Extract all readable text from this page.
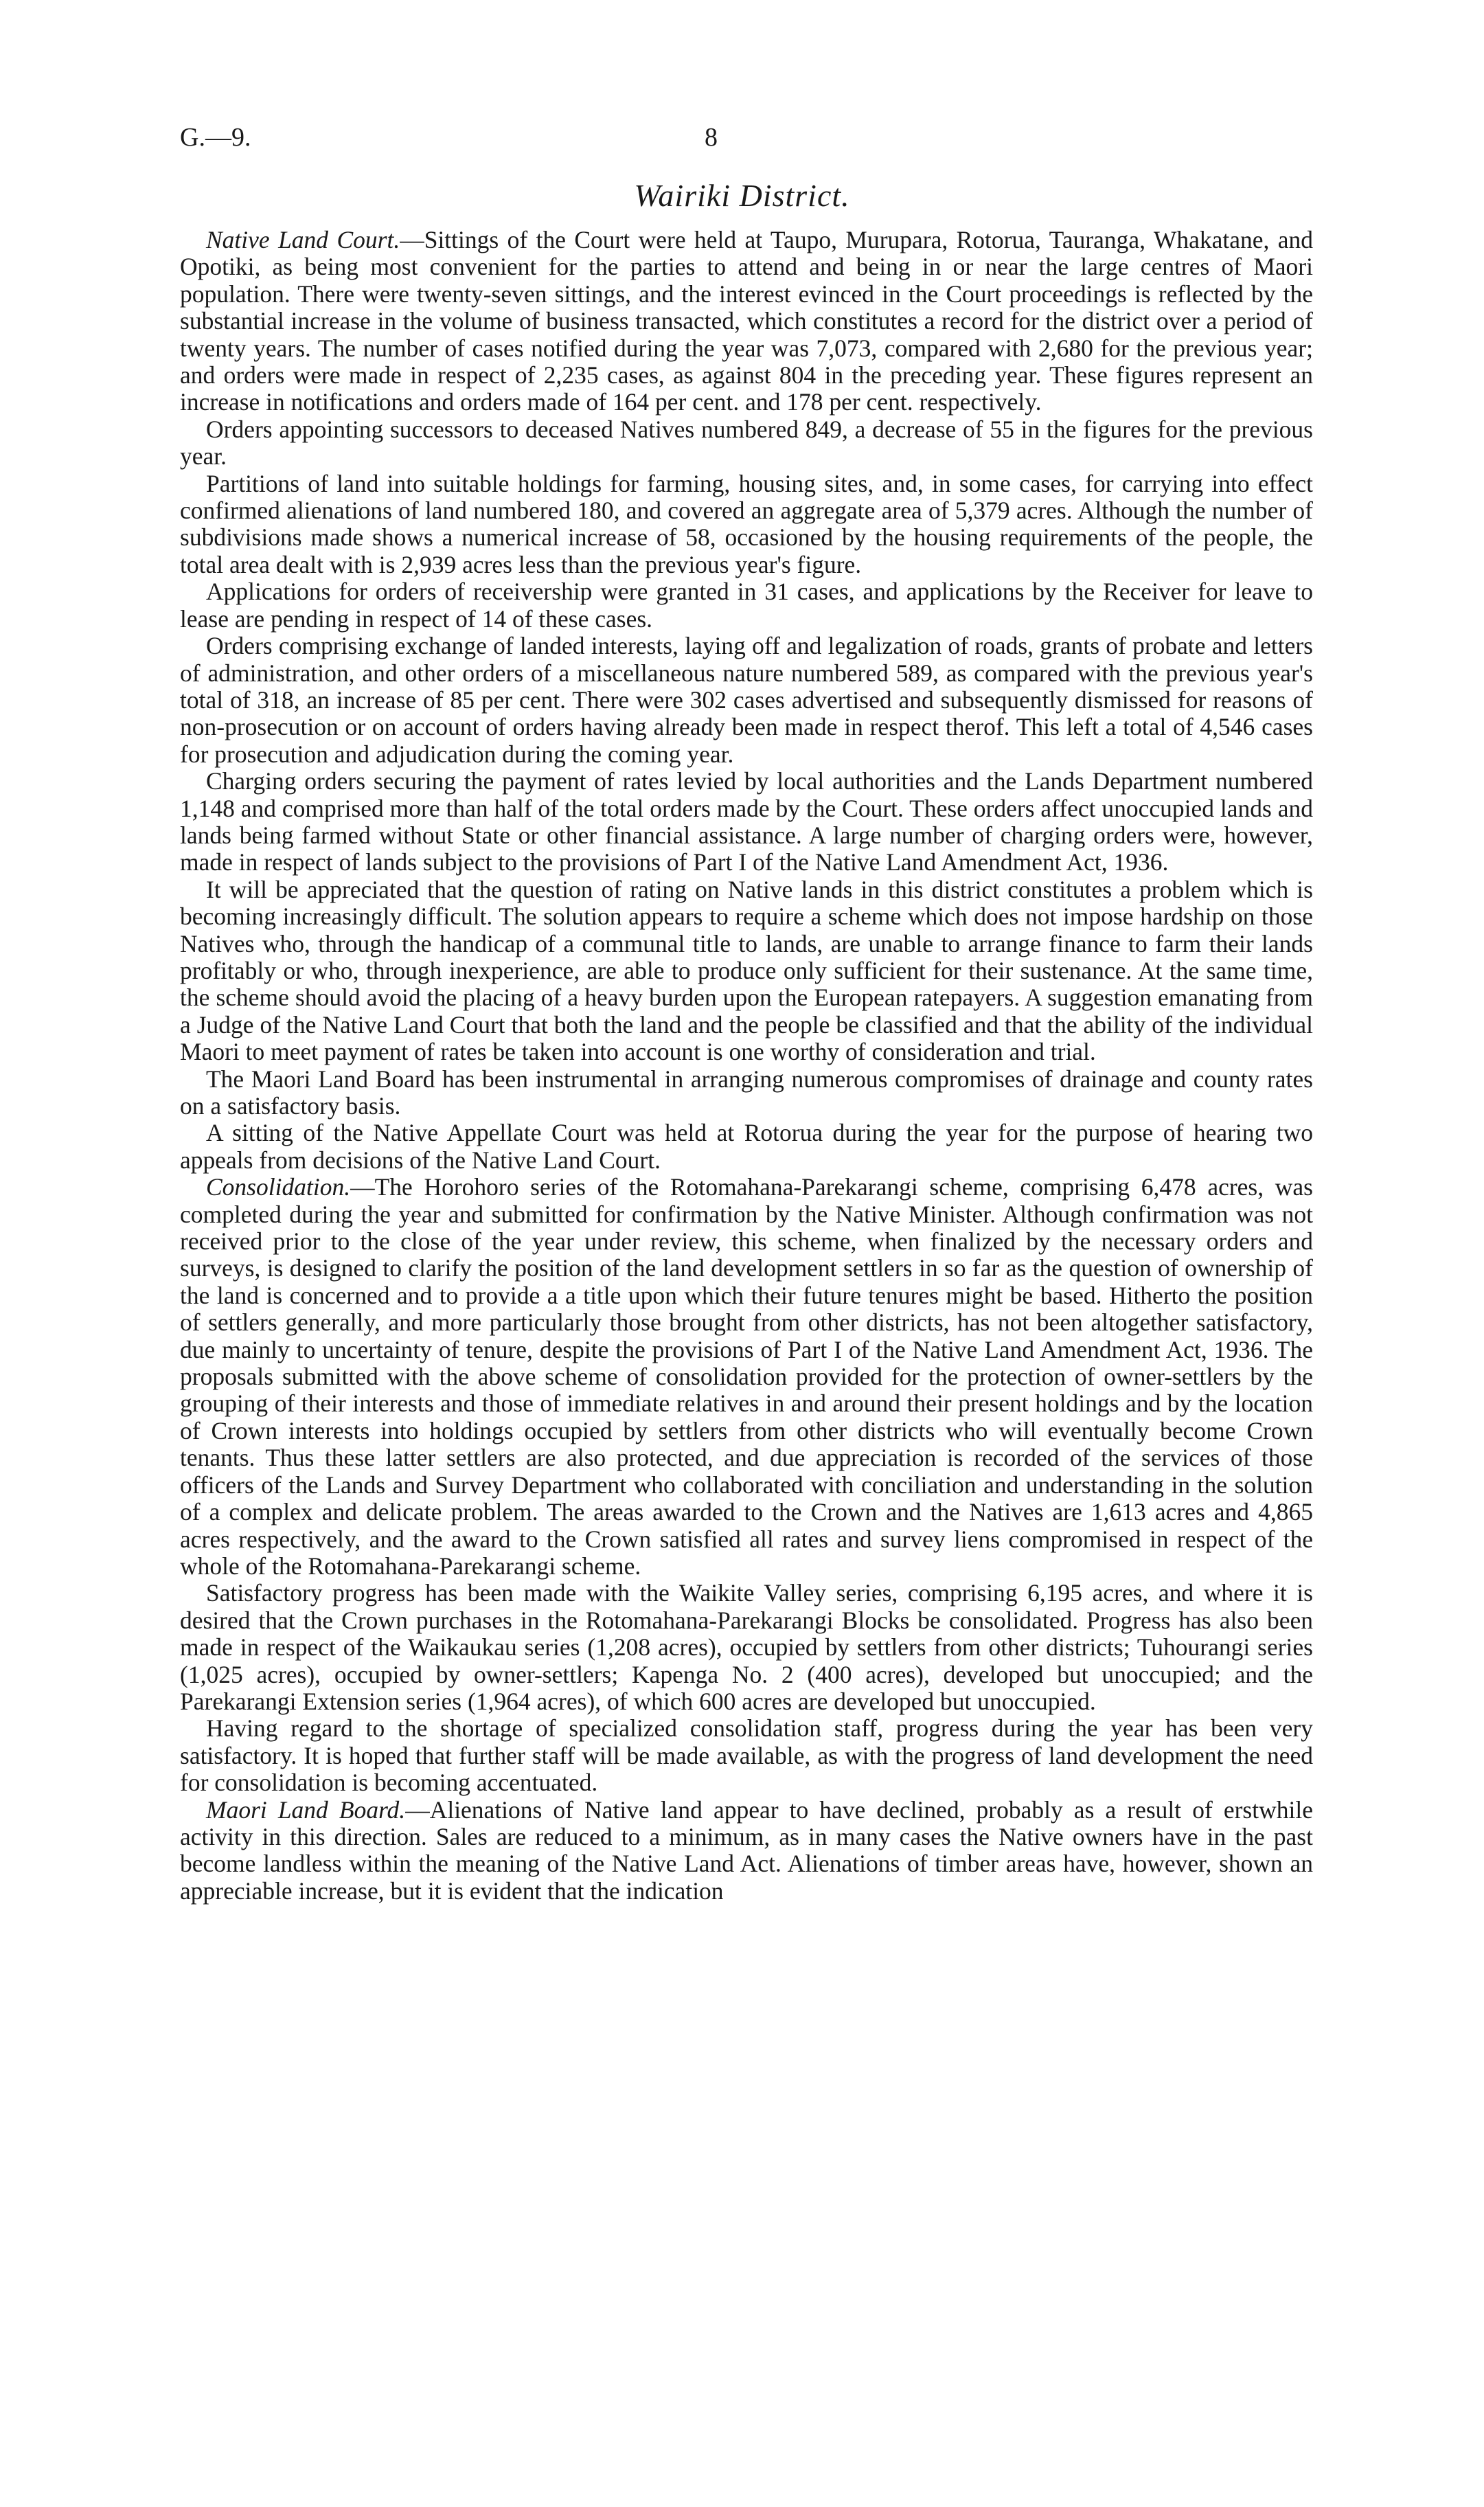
G.—9.	8
Wairiki District.

Native Land Court.—Sittings of the Court were held at Taupo, Murupara, Rotorua, Tauranga, Whakatane, and Opotiki, as being most convenient for the parties to attend and being in or near the large centres of Maori population. There were twenty-seven sittings, and the interest evinced in the Court proceedings is reflected by the substantial increase in the volume of business transacted, which constitutes a record for the district over a period of twenty years. The number of cases notified during the year was 7,073, compared with 2,680 for the previous year; and orders were made in respect of 2,235 cases, as against 804 in the preceding year. These figures represent an increase in notifications and orders made of 164 per cent. and 178 per cent. respectively.

Orders appointing successors to deceased Natives numbered 849, a decrease of 55 in the figures for the previous year.

Partitions of land into suitable holdings for farming, housing sites, and, in some cases, for carrying into effect confirmed alienations of land numbered 180, and covered an aggregate area of 5,379 acres. Although the number of subdivisions made shows a numerical increase of 58, occasioned by the housing requirements of the people, the total area dealt with is 2,939 acres less than the previous year's figure.

Applications for orders of receivership were granted in 31 cases, and applications by the Receiver for leave to lease are pending in respect of 14 of these cases.

Orders comprising exchange of landed interests, laying off and legalization of roads, grants of probate and letters of administration, and other orders of a miscellaneous nature numbered 589, as compared with the previous year's total of 318, an increase of 85 per cent. There were 302 cases advertised and subsequently dismissed for reasons of non-prosecution or on account of orders having already been made in respect therof. This left a total of 4,546 cases for prosecution and adjudication during the coming year.

Charging orders securing the payment of rates levied by local authorities and the Lands Department numbered 1,148 and comprised more than half of the total orders made by the Court. These orders affect unoccupied lands and lands being farmed without State or other financial assistance. A large number of charging orders were, however, made in respect of lands subject to the provisions of Part I of the Native Land Amendment Act, 1936.

It will be appreciated that the question of rating on Native lands in this district constitutes a problem which is becoming increasingly difficult. The solution appears to require a scheme which does not impose hardship on those Natives who, through the handicap of a communal title to lands, are unable to arrange finance to farm their lands profitably or who, through inexperience, are able to produce only sufficient for their sustenance. At the same time, the scheme should avoid the placing of a heavy burden upon the European ratepayers. A suggestion emanating from a Judge of the Native Land Court that both the land and the people be classified and that the ability of the individual Maori to meet payment of rates be taken into account is one worthy of consideration and trial.

The Maori Land Board has been instrumental in arranging numerous compromises of drainage and county rates on a satisfactory basis.

A sitting of the Native Appellate Court was held at Rotorua during the year for the purpose of hearing two appeals from decisions of the Native Land Court.

Consolidation.—The Horohoro series of the Rotomahana-Parekarangi scheme, comprising 6,478 acres, was completed during the year and submitted for confirmation by the Native Minister. Although confirmation was not received prior to the close of the year under review, this scheme, when finalized by the necessary orders and surveys, is designed to clarify the position of the land development settlers in so far as the question of ownership of the land is concerned and to provide a a title upon which their future tenures might be based. Hitherto the position of settlers generally, and more particularly those brought from other districts, has not been altogether satisfactory, due mainly to uncertainty of tenure, despite the provisions of Part I of the Native Land Amendment Act, 1936. The proposals submitted with the above scheme of consolidation provided for the protection of owner-settlers by the grouping of their interests and those of immediate relatives in and around their present holdings and by the location of Crown interests into holdings occupied by settlers from other districts who will eventually become Crown tenants. Thus these latter settlers are also protected, and due appreciation is recorded of the services of those officers of the Lands and Survey Department who collaborated with conciliation and understanding in the solution of a complex and delicate problem. The areas awarded to the Crown and the Natives are 1,613 acres and 4,865 acres respectively, and the award to the Crown satisfied all rates and survey liens compromised in respect of the whole of the Rotomahana-Parekarangi scheme.

Satisfactory progress has been made with the Waikite Valley series, comprising 6,195 acres, and where it is desired that the Crown purchases in the Rotomahana-Parekarangi Blocks be consolidated. Progress has also been made in respect of the Waikaukau series (1,208 acres), occupied by settlers from other districts; Tuhourangi series (1,025 acres), occupied by owner-settlers; Kapenga No. 2 (400 acres), developed but unoccupied; and the Parekarangi Extension series (1,964 acres), of which 600 acres are developed but unoccupied.

Having regard to the shortage of specialized consolidation staff, progress during the year has been very satisfactory. It is hoped that further staff will be made available, as with the progress of land development the need for consolidation is becoming accentuated.

Maori Land Board.—Alienations of Native land appear to have declined, probably as a result of erstwhile activity in this direction. Sales are reduced to a minimum, as in many cases the Native owners have in the past become landless within the meaning of the Native Land Act. Alienations of timber areas have, however, shown an appreciable increase, but it is evident that the indication
